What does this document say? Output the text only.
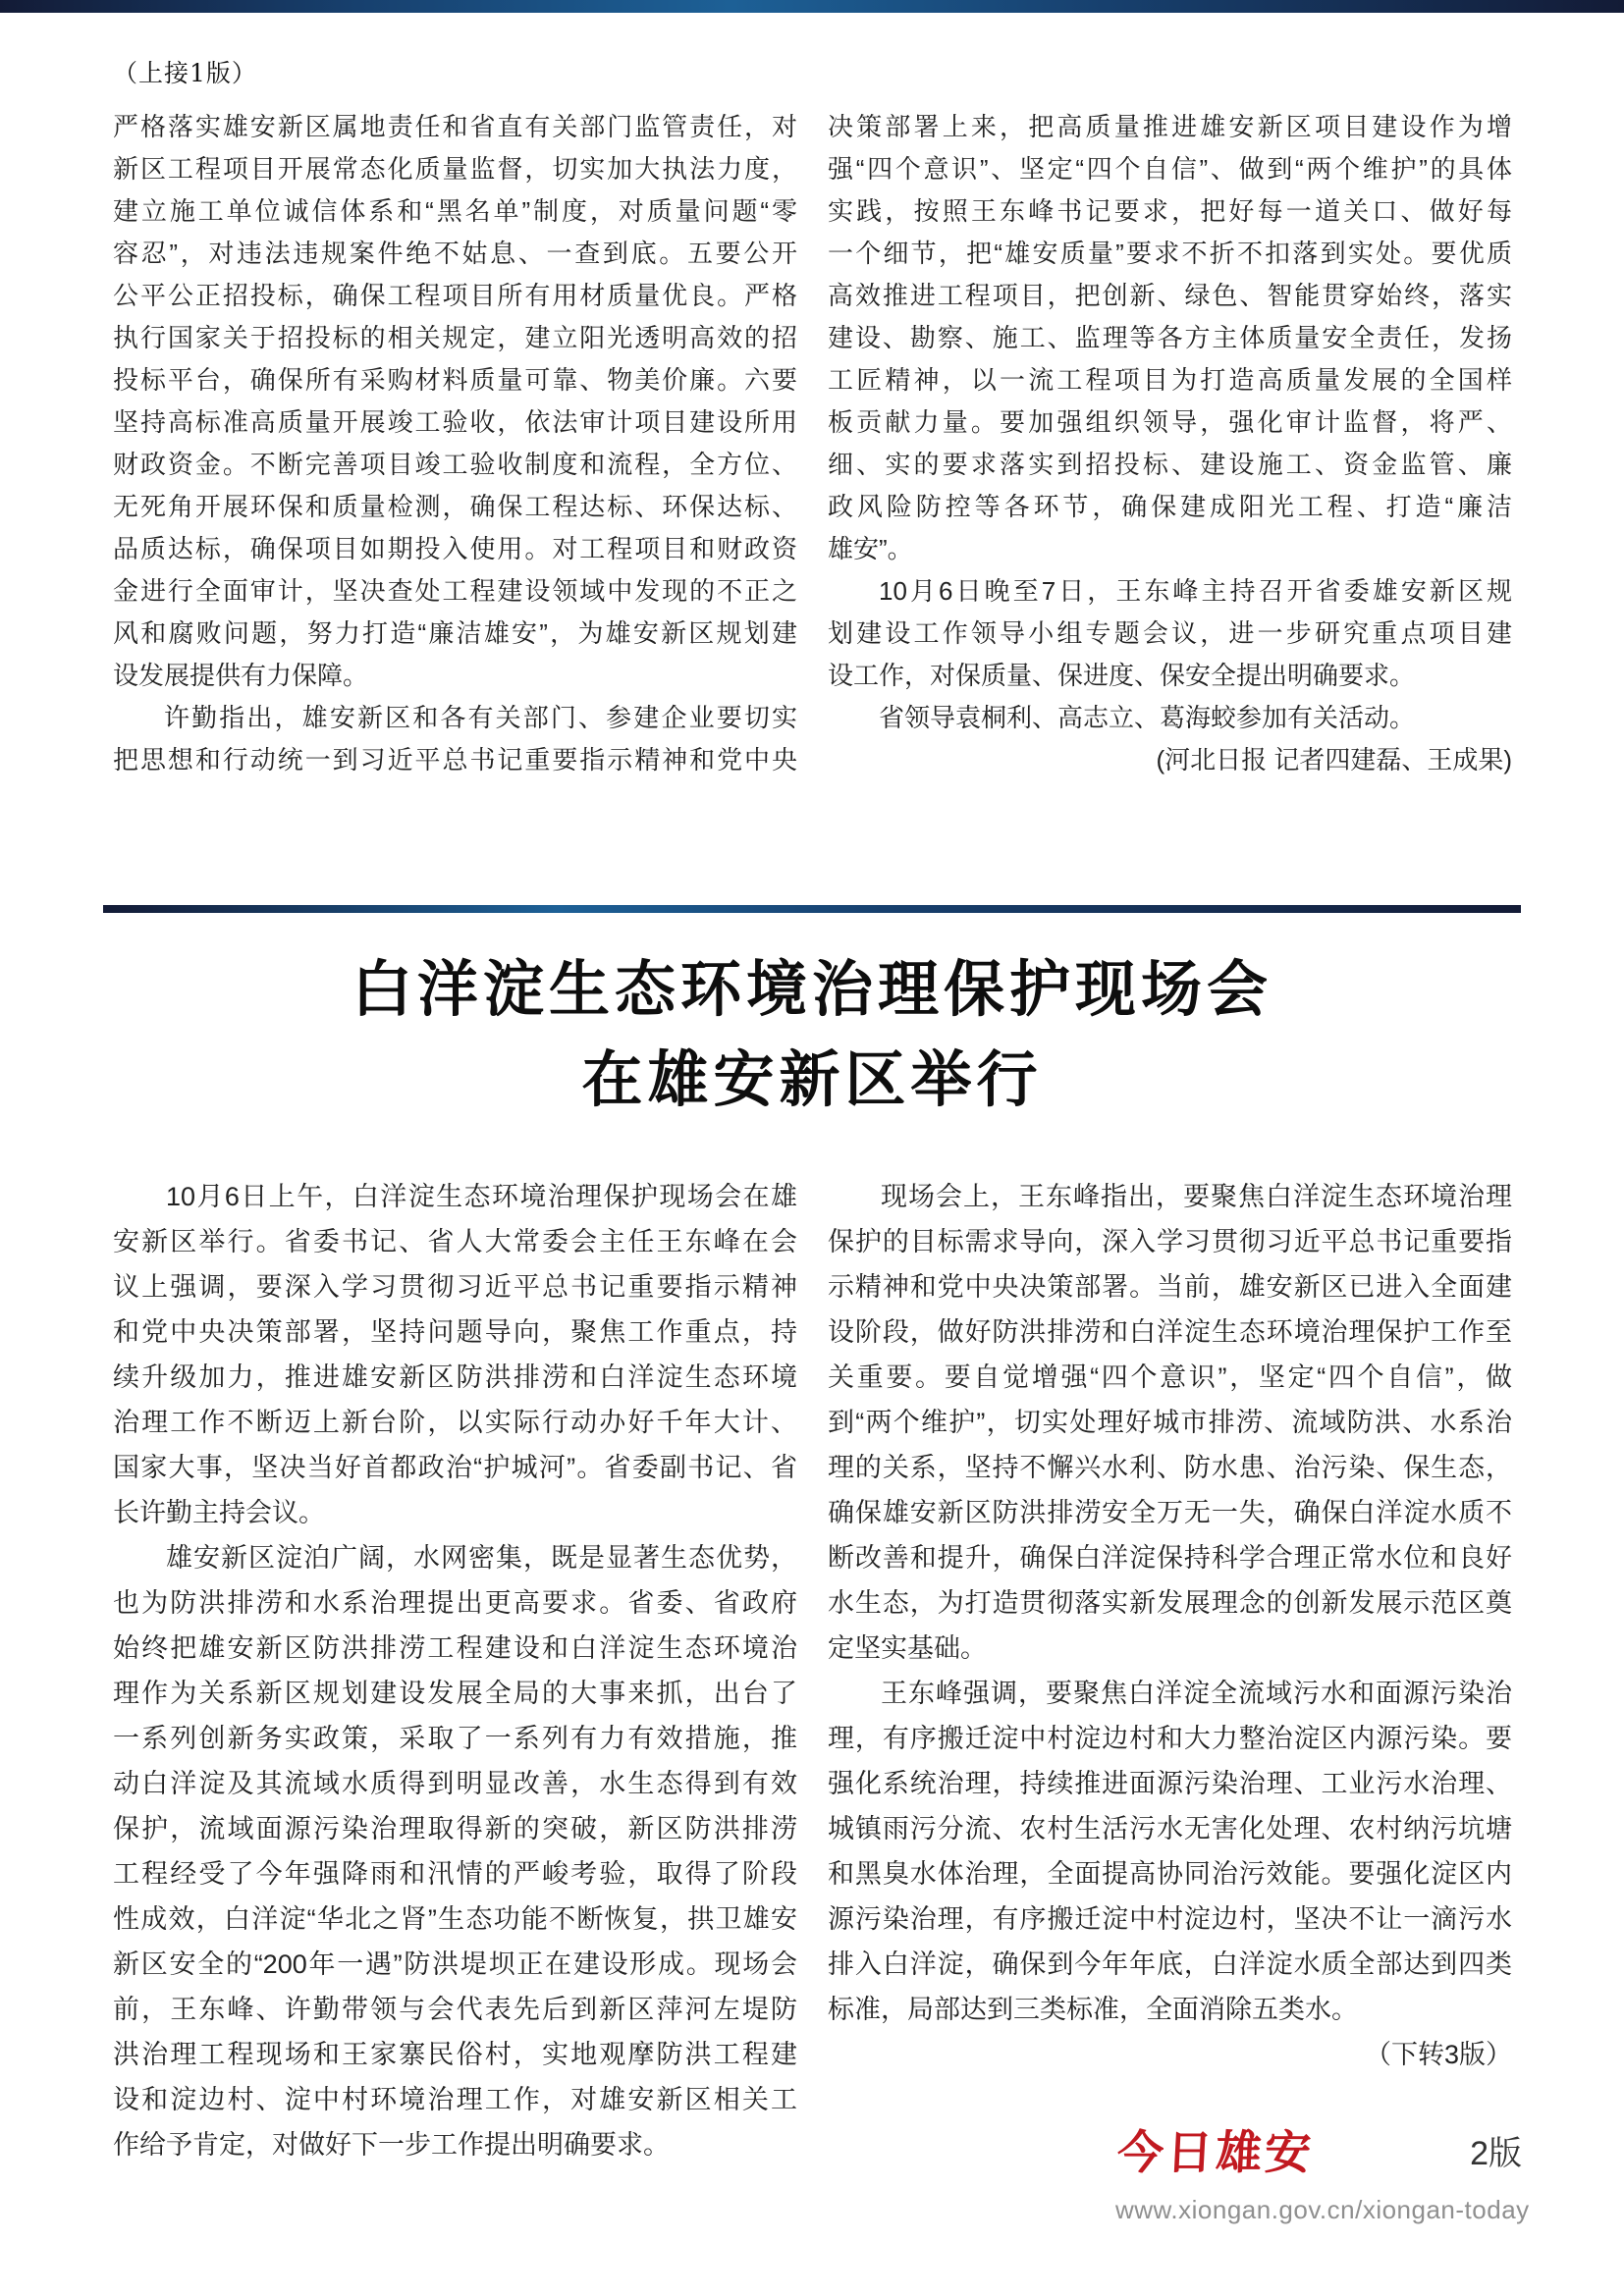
（上接1版）
严格落实雄安新区属地责任和省直有关部门监管责任，对
新区工程项目开展常态化质量监督，切实加大执法力度，
建立施工单位诚信体系和“黑名单”制度，对质量问题“零
容忍”，对违法违规案件绝不姑息、一查到底。五要公开
公平公正招投标，确保工程项目所有用材质量优良。严格
执行国家关于招投标的相关规定，建立阳光透明高效的招
投标平台，确保所有采购材料质量可靠、物美价廉。六要
坚持高标准高质量开展竣工验收，依法审计项目建设所用
财政资金。不断完善项目竣工验收制度和流程，全方位、
无死角开展环保和质量检测，确保工程达标、环保达标、
品质达标，确保项目如期投入使用。对工程项目和财政资
金进行全面审计，坚决查处工程建设领域中发现的不正之
风和腐败问题，努力打造“廉洁雄安”，为雄安新区规划建
设发展提供有力保障。
许勤指出，雄安新区和各有关部门、参建企业要切实
把思想和行动统一到习近平总书记重要指示精神和党中央
决策部署上来，把高质量推进雄安新区项目建设作为增
强“四个意识”、坚定“四个自信”、做到“两个维护”的具体
实践，按照王东峰书记要求，把好每一道关口、做好每
一个细节，把“雄安质量”要求不折不扣落到实处。要优质
高效推进工程项目，把创新、绿色、智能贯穿始终，落实
建设、勘察、施工、监理等各方主体质量安全责任，发扬
工匠精神，以一流工程项目为打造高质量发展的全国样
板贡献力量。要加强组织领导，强化审计监督，将严、
细、实的要求落实到招投标、建设施工、资金监管、廉
政风险防控等各环节，确保建成阳光工程、打造“廉洁
雄安”。
10月6日晚至7日，王东峰主持召开省委雄安新区规
划建设工作领导小组专题会议，进一步研究重点项目建
设工作，对保质量、保进度、保安全提出明确要求。
省领导袁桐利、高志立、葛海蛟参加有关活动。
(河北日报 记者四建磊、王成果)
白洋淀生态环境治理保护现场会
在雄安新区举行
10月6日上午，白洋淀生态环境治理保护现场会在雄
安新区举行。省委书记、省人大常委会主任王东峰在会
议上强调，要深入学习贯彻习近平总书记重要指示精神
和党中央决策部署，坚持问题导向，聚焦工作重点，持
续升级加力，推进雄安新区防洪排涝和白洋淀生态环境
治理工作不断迈上新台阶，以实际行动办好千年大计、
国家大事，坚决当好首都政治“护城河”。省委副书记、省
长许勤主持会议。
雄安新区淀泊广阔，水网密集，既是显著生态优势，
也为防洪排涝和水系治理提出更高要求。省委、省政府
始终把雄安新区防洪排涝工程建设和白洋淀生态环境治
理作为关系新区规划建设发展全局的大事来抓，出台了
一系列创新务实政策，采取了一系列有力有效措施，推
动白洋淀及其流域水质得到明显改善，水生态得到有效
保护，流域面源污染治理取得新的突破，新区防洪排涝
工程经受了今年强降雨和汛情的严峻考验，取得了阶段
性成效，白洋淀“华北之肾”生态功能不断恢复，拱卫雄安
新区安全的“200年一遇”防洪堤坝正在建设形成。现场会
前，王东峰、许勤带领与会代表先后到新区萍河左堤防
洪治理工程现场和王家寨民俗村，实地观摩防洪工程建
设和淀边村、淀中村环境治理工作，对雄安新区相关工
作给予肯定，对做好下一步工作提出明确要求。
现场会上，王东峰指出，要聚焦白洋淀生态环境治理
保护的目标需求导向，深入学习贯彻习近平总书记重要指
示精神和党中央决策部署。当前，雄安新区已进入全面建
设阶段，做好防洪排涝和白洋淀生态环境治理保护工作至
关重要。要自觉增强“四个意识”，坚定“四个自信”，做
到“两个维护”，切实处理好城市排涝、流域防洪、水系治
理的关系，坚持不懈兴水利、防水患、治污染、保生态，
确保雄安新区防洪排涝安全万无一失，确保白洋淀水质不
断改善和提升，确保白洋淀保持科学合理正常水位和良好
水生态，为打造贯彻落实新发展理念的创新发展示范区奠
定坚实基础。
王东峰强调，要聚焦白洋淀全流域污水和面源污染治
理，有序搬迁淀中村淀边村和大力整治淀区内源污染。要
强化系统治理，持续推进面源污染治理、工业污水治理、
城镇雨污分流、农村生活污水无害化处理、农村纳污坑塘
和黑臭水体治理，全面提高协同治污效能。要强化淀区内
源污染治理，有序搬迁淀中村淀边村，坚决不让一滴污水
排入白洋淀，确保到今年年底，白洋淀水质全部达到四类
标准，局部达到三类标准，全面消除五类水。
（下转3版）
今日雄安	2版
www.xiongan.gov.cn/xiongan-today
